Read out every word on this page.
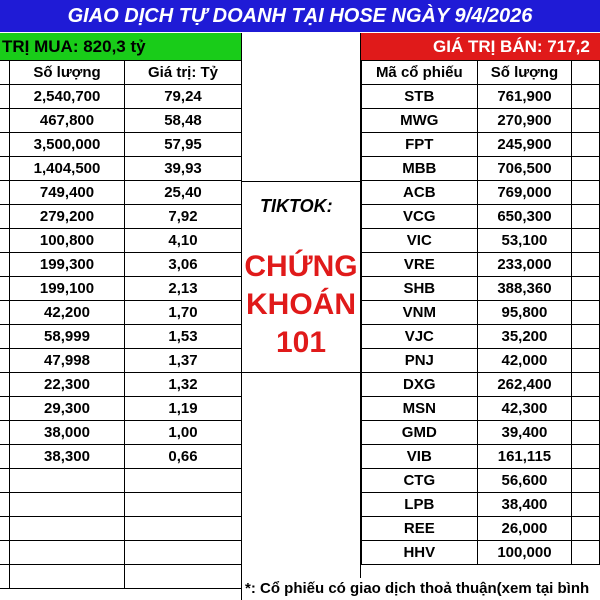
GIAO DỊCH TỰ DOANH TẠI HOSE NGÀY 9/4/2026
TRỊ MUA: 820,3 tỷ	GIÁ TRỊ BÁN: 717,2
	Số lượng	Giá trị: Tỷ
	2,540,700	79,24
	467,800	58,48
	3,500,000	57,95
	1,404,500	39,93
	749,400	25,40
	279,200	7,92
	100,800	4,10
	199,300	3,06
	199,100	2,13
	42,200	1,70
	58,999	1,53
	47,998	1,37
	22,300	1,32
	29,300	1,19
	38,000	1,00
	38,300	0,66

Mã cổ phiếu	Số lượng	
STB	761,900	
MWG	270,900	
FPT	245,900	
MBB	706,500	
ACB	769,000	
VCG	650,300	
VIC	53,100	
VRE	233,000	
SHB	388,360	
VNM	95,800	
VJC	35,200	
PNJ	42,000	
DXG	262,400	
MSN	42,300	
GMD	39,400	
VIB	161,115	
CTG	56,600	
LPB	38,400	
REE	26,000	
HHV	100,000	
TIKTOK:
CHỨNG
KHOÁN
101
*: Cổ phiếu có giao dịch thoả thuận(xem tại bình
